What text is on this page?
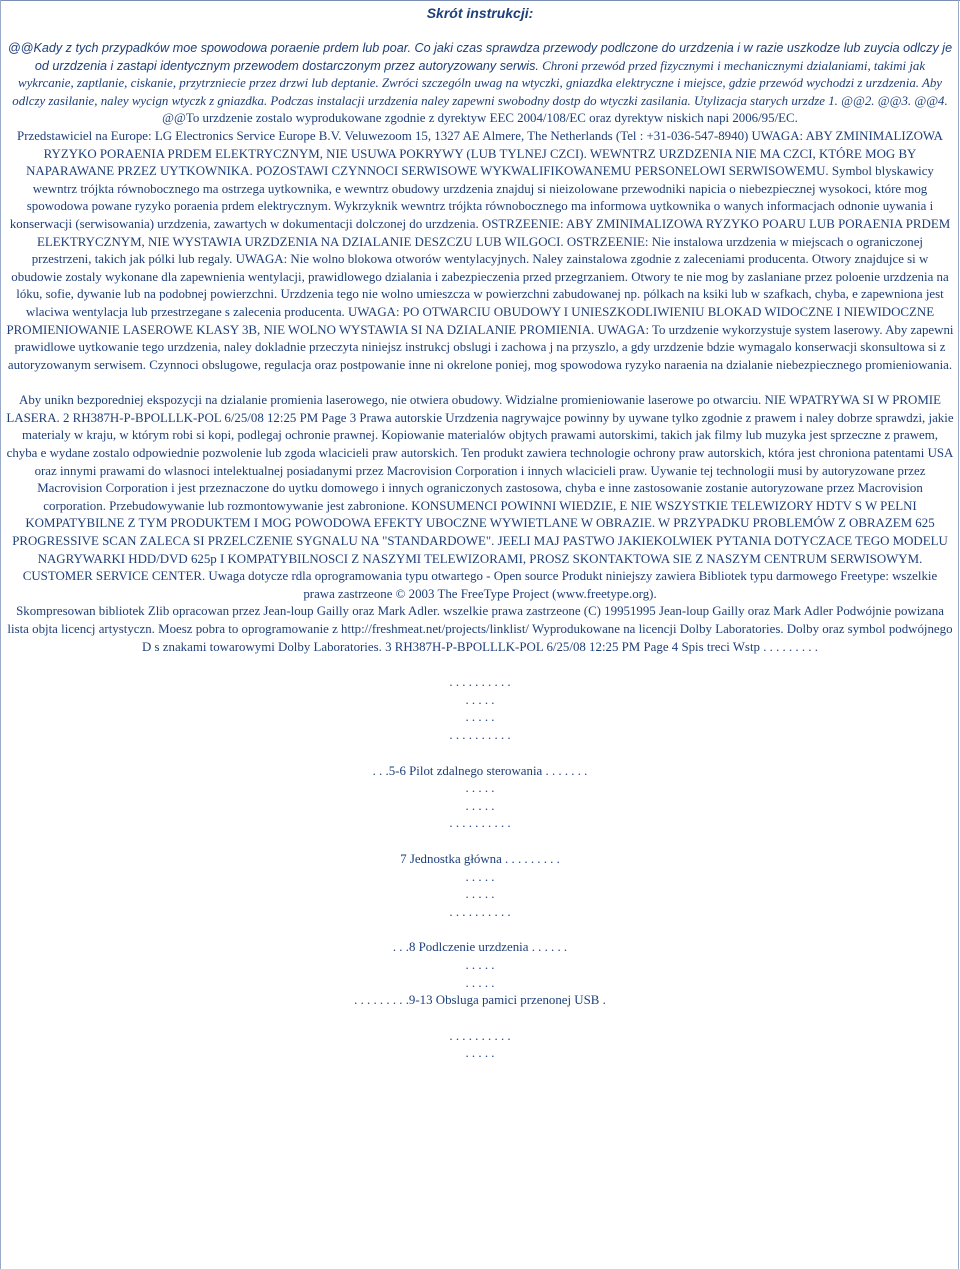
Skrót instrukcji:

@@Kady z tych przypadków moe spowodowa poraenie prdem lub poar. Co jaki czas sprawdza przewody podlczone do urzdzenia i w razie uszkodze lub zuycia odlczy je od urzdzenia i zastapi identycznym przewodem dostarczonym przez autoryzowany serwis. Chroni przewód przed fizycznymi i mechanicznymi dzialaniami, takimi jak wykrcanie, zaptlanie, ciskanie, przytrzniecie przez drzwi lub deptanie. Zwróci szczególn uwag na wtyczki, gniazdka elektryczne i miejsce, gdzie przewód wychodzi z urzdzenia. Aby odlczy zasilanie, naley wycign wtyczk z gniazdka. Podczas instalacji urzdzenia naley zapewni swobodny dostp do wtyczki zasilania. Utylizacja starych urzdze 1. @@2. @@3. @@4.

@@To urzdzenie zostalo wyprodukowane zgodnie z dyrektyw EEC 2004/108/EC oraz dyrektyw niskich napi 2006/95/EC.

Przedstawiciel na Europe: LG Electronics Service Europe B.V. Veluwezoom 15, 1327 AE Almere, The Netherlands (Tel : +31-036-547-8940) UWAGA: ABY ZMINIMALIZOWA RYZYKO PORAENIA PRDEM ELEKTRYCZNYM, NIE USUWA POKRYWY (LUB TYLNEJ CZCI). WEWNTRZ URZDZENIA NIE MA CZCI, KTÓRE MOG BY NAPARAWANE PRZEZ UYTKOWNIKA. POZOSTAWI CZYNNOCI SERWISOWE WYKWALIFIKOWANEMU PERSONELOWI SERWISOWEMU. Symbol blyskawicy wewntrz trójkta równobocznego ma ostrzega uytkownika, e wewntrz obudowy urzdzenia znajduj si nieizolowane przewodniki napicia o niebezpiecznej wysokoci, które mog spowodowa powane ryzyko poraenia prdem elektrycznym. Wykrzyknik wewntrz trójkta równobocznego ma informowa uytkownika o wanych informacjach odnonie uywania i konserwacji (serwisowania) urzdzenia, zawartych w dokumentacji dolczonej do urzdzenia. OSTRZEENIE: ABY ZMINIMALIZOWA RYZYKO POARU LUB PORAENIA PRDEM ELEKTRYCZNYM, NIE WYSTAWIA URZDZENIA NA DZIALANIE DESZCZU LUB WILGOCI. OSTRZEENIE: Nie instalowa urzdzenia w miejscach o ograniczonej przestrzeni, takich jak pólki lub regaly. UWAGA: Nie wolno blokowa otworów wentylacyjnych. Naley zainstalowa zgodnie z zaleceniami producenta. Otwory znajdujce si w obudowie zostaly wykonane dla zapewnienia wentylacji, prawidlowego dzialania i zabezpieczenia przed przegrzaniem. Otwory te nie mog by zaslaniane przez poloenie urzdzenia na lóku, sofie, dywanie lub na podobnej powierzchni. Urzdzenia tego nie wolno umieszcza w powierzchni zabudowanej np. pólkach na ksiki lub w szafkach, chyba, e zapewniona jest wlaciwa wentylacja lub przestrzegane s zalecenia producenta. UWAGA: PO OTWARCIU OBUDOWY I UNIESZKODLIWIENIU BLOKAD WIDOCZNE I NIEWIDOCZNE PROMIENIOWANIE LASEROWE KLASY 3B, NIE WOLNO WYSTAWIA SI NA DZIALANIE PROMIENIA. UWAGA: To urzdzenie wykorzystuje system laserowy. Aby zapewni prawidlowe uytkowanie tego urzdzenia, naley dokladnie przeczyta niniejsz instrukcj obslugi i zachowa j na przyszlo, a gdy urzdzenie bdzie wymagalo konserwacji skonsultowa si z autoryzowanym serwisem. Czynnoci obslugowe, regulacja oraz postpowanie inne ni okrelone poniej, mog spowodowa ryzyko naraenia na dzialanie niebezpiecznego promieniowania.

Aby unikn bezporedniej ekspozycji na dzialanie promienia laserowego, nie otwiera obudowy. Widzialne promieniowanie laserowe po otwarciu. NIE WPATRYWA SI W PROMIE LASERA. 2 RH387H-P-BPOLLLK-POL 6/25/08 12:25 PM Page 3 Prawa autorskie Urzdzenia nagrywajce powinny by uywane tylko zgodnie z prawem i naley dobrze sprawdzi, jakie materialy w kraju, w którym robi si kopi, podlegaj ochronie prawnej. Kopiowanie materialów objtych prawami autorskimi, takich jak filmy lub muzyka jest sprzeczne z prawem, chyba e wydane zostalo odpowiednie pozwolenie lub zgoda wlacicieli praw autorskich. Ten produkt zawiera technologie ochrony praw autorskich, która jest chroniona patentami USA oraz innymi prawami do wlasnoci intelektualnej posiadanymi przez Macrovision Corporation i innych wlacicieli praw. Uywanie tej technologii musi by autoryzowane przez Macrovision Corporation i jest przeznaczone do uytku domowego i innych ograniczonych zastosowa, chyba e inne zastosowanie zostanie autoryzowane przez Macrovision corporation. Przebudowywanie lub rozmontowywanie jest zabronione. KONSUMENCI POWINNI WIEDZIE, E NIE WSZYSTKIE TELEWIZORY HDTV S W PELNI KOMPATYBILNE Z TYM PRODUKTEM I MOG POWODOWA EFEKTY UBOCZNE WYWIETLANE W OBRAZIE. W PRZYPADKU PROBLEMÓW Z OBRAZEM 625 PROGRESSIVE SCAN ZALECA SI PRZELCZENIE SYGNALU NA "STANDARDOWE". JEELI MAJ PASTWO JAKIEKOLWIEK PYTANIA DOTYCZACE TEGO MODELU NAGRYWARKI HDD/DVD 625p I KOMPATYBILNOSCI Z NASZYMI TELEWIZORAMI, PROSZ SKONTAKTOWA SIE Z NASZYM CENTRUM SERWISOWYM. CUSTOMER SERVICE CENTER. Uwaga dotycze rdla oprogramowania typu otwartego - Open source Produkt niniejszy zawiera Bibliotek typu darmowego Freetype: wszelkie prawa zastrzeone © 2003 The FreeType Project (www.freetype.org).

Skompresowan bibliotek Zlib opracowan przez Jean-loup Gailly oraz Mark Adler. wszelkie prawa zastrzeone (C) 19951995 Jean-loup Gailly oraz Mark Adler Podwójnie powizana lista objta licencj artystyczn. Moesz pobra to oprogramowanie z http://freshmeat.net/projects/linklist/ Wyprodukowane na licencji Dolby Laboratories. Dolby oraz symbol podwójnego D s znakami towarowymi Dolby Laboratories. 3 RH387H-P-BPOLLLK-POL 6/25/08 12:25 PM Page 4 Spis treci Wstp . . . . . . . . .

. . . . . . . . . .
. . . . .
. . . . .
. . . . . . . . . .
. . .5-6 Pilot zdalnego sterowania . . . . . . .
. . . . .
. . . . .
. . . . . . . . . .
7 Jednostka główna . . . . . . . . .
. . . . .
. . . . .
. . . . . . . . . .
. . .8 Podlczenie urzdzenia . . . . . .
. . . . .
. . . . .
. . . . . . . . .9-13 Obsluga pamici przenonej USB .
. . . . . . . . . .
. . . . .
